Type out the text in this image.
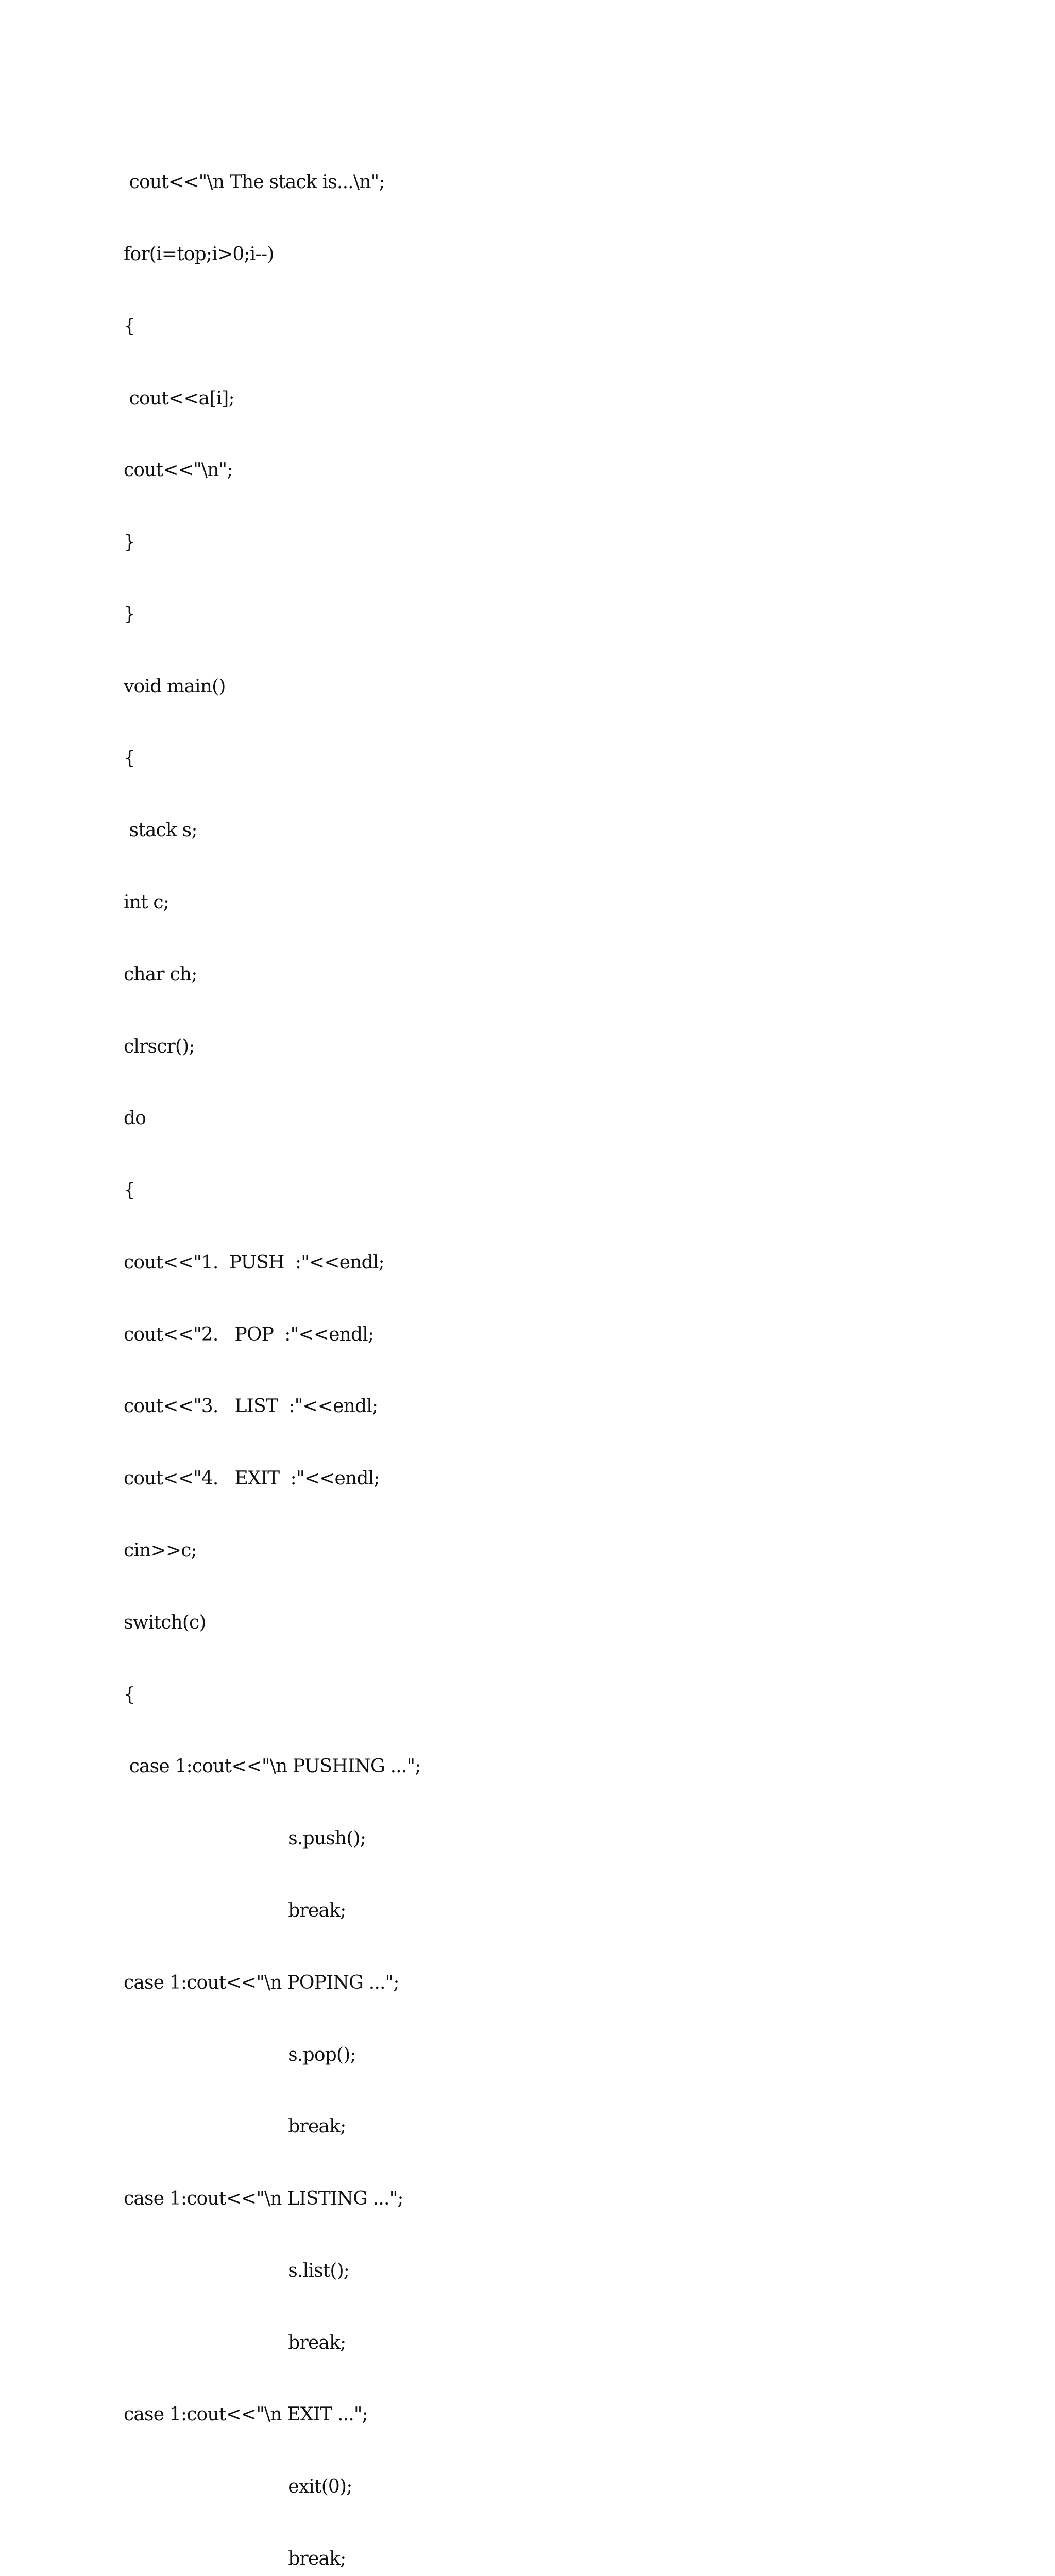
cout<<"\n The stack is...\n";

for(i=top;i>0;i--)

{

cout<<a[i];

cout<<"\n";

}

}

void main()

{

stack s;

int c;

char ch;

clrscr();

do

{

cout<<"1.  PUSH  :"<<endl;

cout<<"2.   POP  :"<<endl;

cout<<"3.   LIST  :"<<endl;

cout<<"4.   EXIT  :"<<endl;

cin>>c;

switch(c)

{

case 1:cout<<"\n PUSHING ...";

s.push();

break;

case 1:cout<<"\n POPING ...";

s.pop();

break;

case 1:cout<<"\n LISTING ...";

s.list();

break;

case 1:cout<<"\n EXIT ...";

exit(0);

break;
